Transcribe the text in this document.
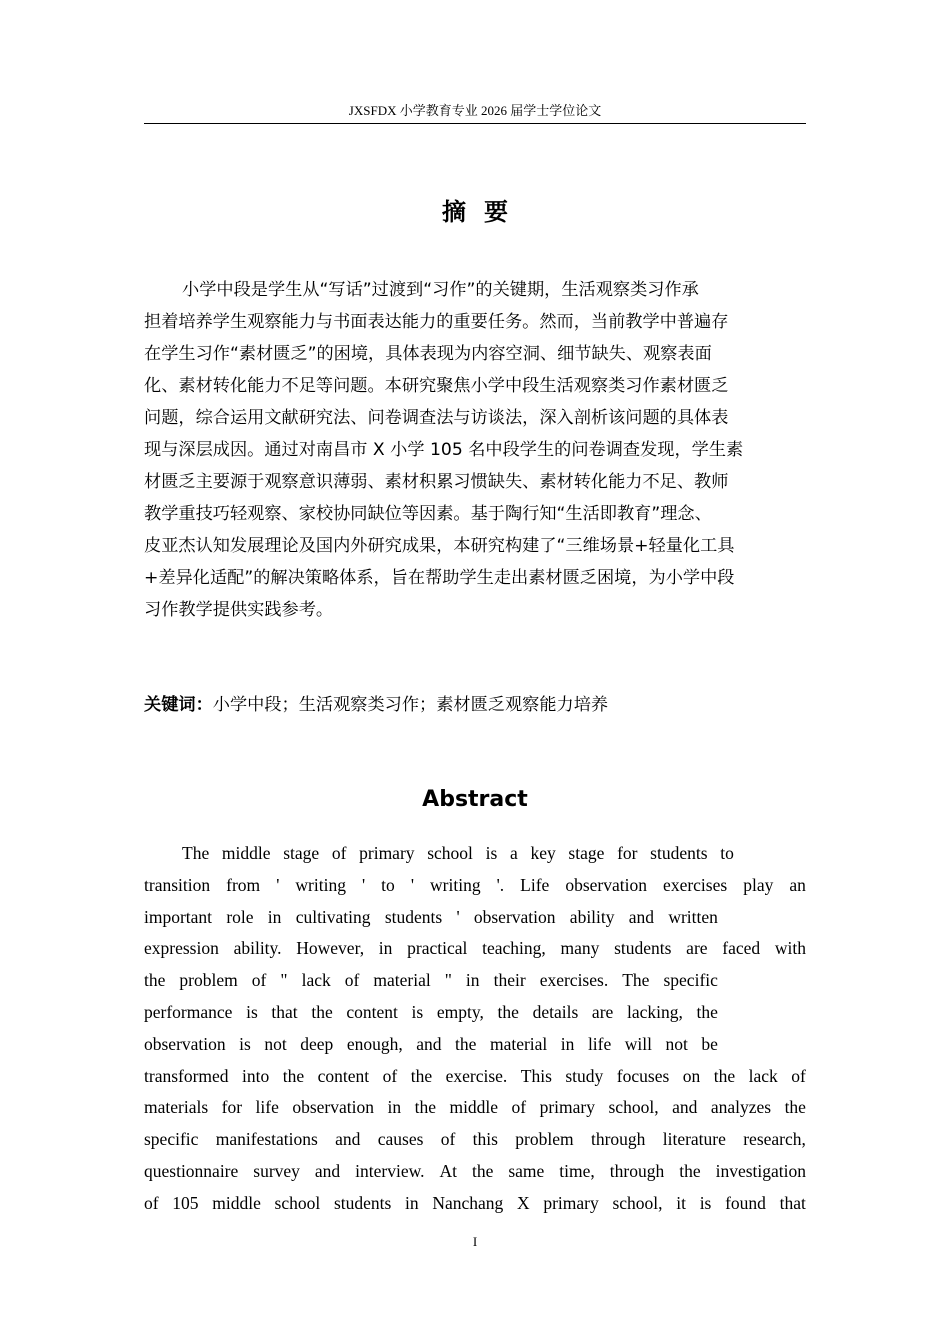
JXSFDX 小学教育专业 2026 届学士学位论文
摘要
小学中段是学生从“写话”过渡到“习作”的关键期，生活观察类习作承
担着培养学生观察能力与书面表达能力的重要任务。然而，当前教学中普遍存
在学生习作“素材匮乏”的困境，具体表现为内容空洞、细节缺失、观察表面
化、素材转化能力不足等问题。本研究聚焦小学中段生活观察类习作素材匮乏
问题，综合运用文献研究法、问卷调查法与访谈法，深入剖析该问题的具体表
现与深层成因。通过对南昌市 X 小学 105 名中段学生的问卷调查发现，学生素
材匮乏主要源于观察意识薄弱、素材积累习惯缺失、素材转化能力不足、教师
教学重技巧轻观察、家校协同缺位等因素。基于陶行知“生活即教育”理念、
皮亚杰认知发展理论及国内外研究成果，本研究构建了“三维场景+轻量化工具
+差异化适配”的解决策略体系，旨在帮助学生走出素材匮乏困境，为小学中段
习作教学提供实践参考。
关键词：小学中段；生活观察类习作；素材匮乏观察能力培养
Abstract
The middle stage of primary school is a key stage for students to
transition from ' writing ' to ' writing '. Life observation exercises play an
important role in cultivating students ' observation ability and written
expression ability. However, in practical teaching, many students are faced with
the problem of " lack of material " in their exercises. The specific
performance is that the content is empty, the details are lacking, the
observation is not deep enough, and the material in life will not be
transformed into the content of the exercise. This study focuses on the lack of
materials for life observation in the middle of primary school, and analyzes the
specific manifestations and causes of this problem through literature research,
questionnaire survey and interview. At the same time, through the investigation
of 105 middle school students in Nanchang X primary school, it is found that
I
